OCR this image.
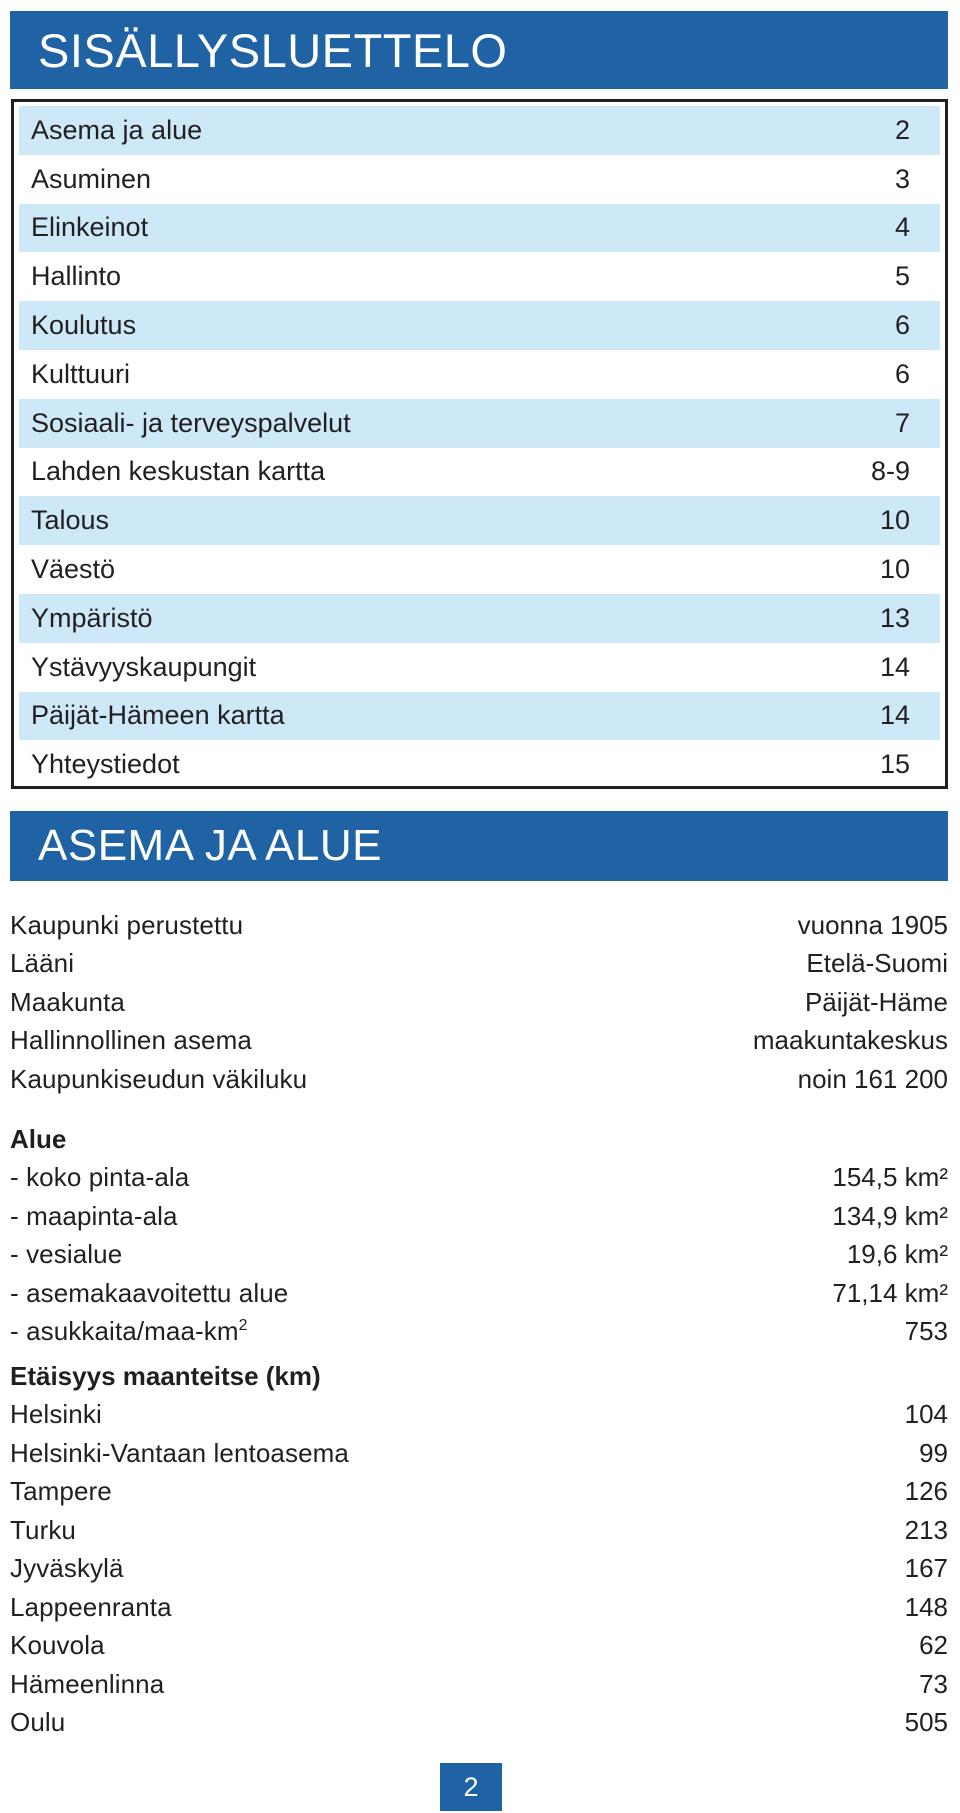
SISÄLLYSLUETTELO
Asema ja alue	2
Asuminen	3
Elinkeinot	4
Hallinto	5
Koulutus	6
Kulttuuri	6
Sosiaali- ja terveyspalvelut	7
Lahden keskustan kartta	8-9
Talous	10
Väestö	10
Ympäristö	13
Ystävyyskaupungit	14
Päijät-Hämeen kartta	14
Yhteystiedot	15
ASEMA JA ALUE
Kaupunki perustettu	vuonna 1905
Lääni	Etelä-Suomi
Maakunta	Päijät-Häme
Hallinnollinen asema	maakuntakeskus
Kaupunkiseudun väkiluku	noin 161 200
Alue
- koko pinta-ala	154,5 km²
- maapinta-ala	134,9 km²
- vesialue	19,6 km²
- asemakaavoitettu alue	71,14 km²
- asukkaita/$maa-km^2$	753
Etäisyys maanteitse (km)
Helsinki	104
Helsinki-Vantaan lentoasema	99
Tampere	126
Turku	213
Jyväskylä	167
Lappeenranta	148
Kouvola	62
Hämeenlinna	73
Oulu	505
2
